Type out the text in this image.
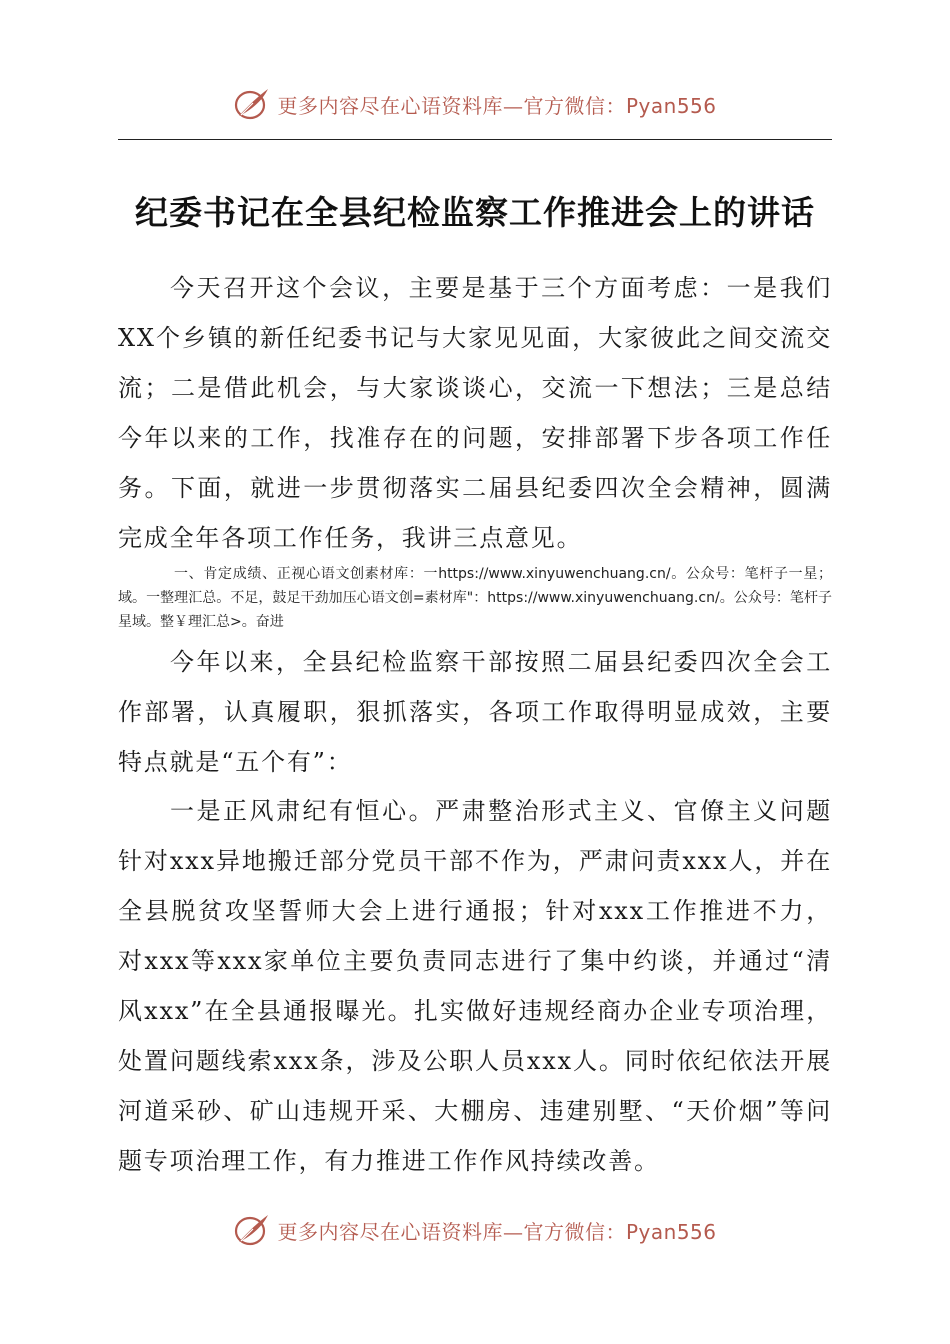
更多内容尽在心语资料库—官方微信：Pyan556
纪委书记在全县纪检监察工作推进会上的讲话

今天召开这个会议，主要是基于三个方面考虑：一是我们XX个乡镇的新任纪委书记与大家见见面，大家彼此之间交流交流；二是借此机会，与大家谈谈心，交流一下想法；三是总结今年以来的工作，找准存在的问题，安排部署下步各项工作任务。下面，就进一步贯彻落实二届县纪委四次全会精神，圆满完成全年各项工作任务，我讲三点意见。

一、肯定成绩、正视心语文创素材库：一https://www.xinyuwenchuang.cn/。公众号：笔杆子一星；域。一整理汇总。不足，鼓足干劲加压心语文创=素材库"：https://www.xinyuwenchuang.cn/。公众号：笔杆子星域。整￥理汇总>。奋进

今年以来，全县纪检监察干部按照二届县纪委四次全会工作部署，认真履职，狠抓落实，各项工作取得明显成效，主要特点就是“五个有”：

一是正风肃纪有恒心。严肃整治形式主义、官僚主义问题针对xxx异地搬迁部分党员干部不作为，严肃问责xxx人，并在全县脱贫攻坚誓师大会上进行通报；针对xxx工作推进不力，对xxx等xxx家单位主要负责同志进行了集中约谈，并通过“清风xxx”在全县通报曝光。扎实做好违规经商办企业专项治理，处置问题线索xxx条，涉及公职人员xxx人。同时依纪依法开展河道采砂、矿山违规开采、大棚房、违建别墅、“天价烟”等问题专项治理工作，有力推进工作作风持续改善。

更多内容尽在心语资料库—官方微信：Pyan556
